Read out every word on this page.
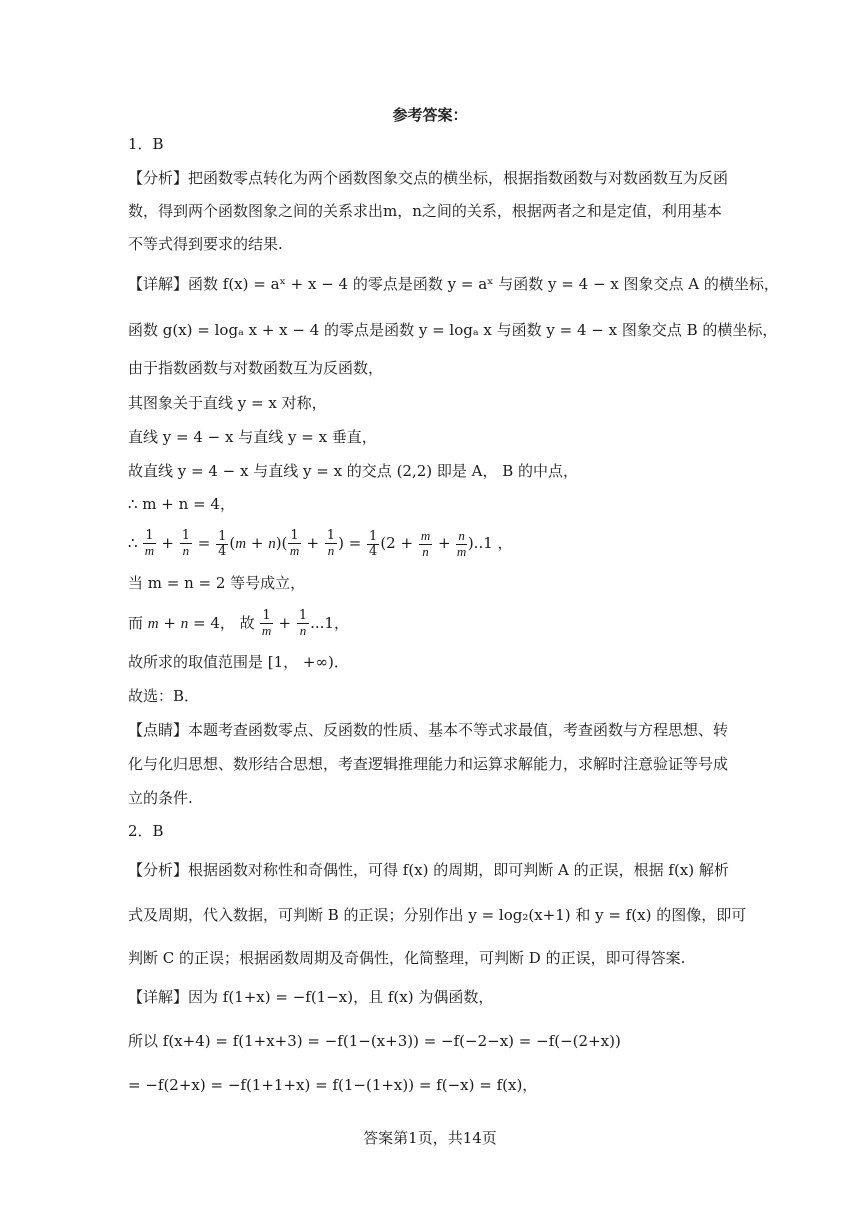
参考答案：
1．B
【分析】把函数零点转化为两个函数图象交点的横坐标，根据指数函数与对数函数互为反函
数，得到两个函数图象之间的关系求出m，n之间的关系，根据两者之和是定值，利用基本
不等式得到要求的结果.
【详解】函数 f(x) = aˣ + x − 4 的零点是函数 y = aˣ 与函数 y = 4 − x 图象交点 A 的横坐标，
函数 g(x) = logₐ x + x − 4 的零点是函数 y = logₐ x 与函数 y = 4 − x 图象交点 B 的横坐标，
由于指数函数与对数函数互为反函数，
其图象关于直线 y = x 对称，
直线 y = 4 − x 与直线 y = x 垂直，
故直线 y = 4 − x 与直线 y = x 的交点 (2,2) 即是 A， B 的中点，
∴ m + n = 4，
∴ $\frac{1}{m} + \frac{1}{n} = \frac{1}{4} (m + n)( \frac{1}{m} + \frac{1}{n}$ ) = $\frac{1}{4} (2 + \frac{m}{n} + \frac{n}{m} )..1$ ，
当 m = n = 2 等号成立，
而 m + n = 4， 故 $\frac{1}{m} + \frac{1}{n} ...1$，
故所求的取值范围是 [1， +∞)．
故选：B．
【点睛】本题考查函数零点、反函数的性质、基本不等式求最值，考查函数与方程思想、转
化与化归思想、数形结合思想，考查逻辑推理能力和运算求解能力，求解时注意验证等号成
立的条件.
2．B
【分析】根据函数对称性和奇偶性，可得 f(x) 的周期，即可判断 A 的正误，根据 f(x) 解析
式及周期，代入数据，可判断 B 的正误；分别作出 y = log₂(x+1) 和 y = f(x) 的图像，即可
判断 C 的正误；根据函数周期及奇偶性，化简整理，可判断 D 的正误，即可得答案.
【详解】因为 f(1+x) = −f(1−x)，且 f(x) 为偶函数，
所以 f(x+4) = f(1+x+3) = −f(1−(x+3)) = −f(−2−x) = −f(−(2+x))
= −f(2+x) = −f(1+1+x) = f(1−(1+x)) = f(−x) = f(x)，
答案第1页，共14页
